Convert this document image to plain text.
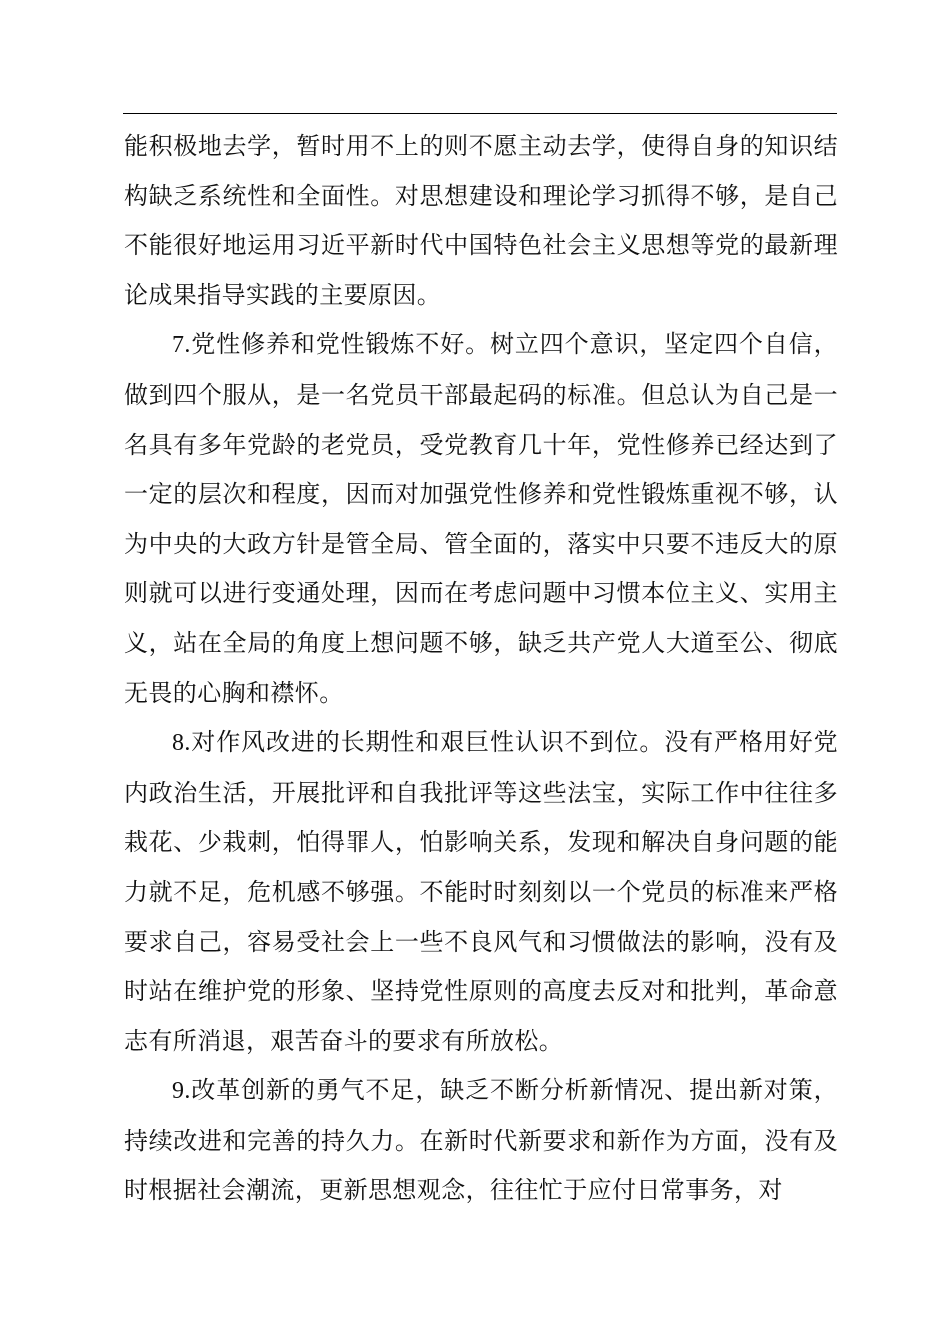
能积极地去学，暂时用不上的则不愿主动去学，使得自身的知识结构缺乏系统性和全面性。对思想建设和理论学习抓得不够，是自己不能很好地运用习近平新时代中国特色社会主义思想等党的最新理论成果指导实践的主要原因。

7.党性修养和党性锻炼不好。树立四个意识，坚定四个自信，做到四个服从，是一名党员干部最起码的标准。但总认为自己是一名具有多年党龄的老党员，受党教育几十年，党性修养已经达到了一定的层次和程度，因而对加强党性修养和党性锻炼重视不够，认为中央的大政方针是管全局、管全面的，落实中只要不违反大的原则就可以进行变通处理，因而在考虑问题中习惯本位主义、实用主义，站在全局的角度上想问题不够，缺乏共产党人大道至公、彻底无畏的心胸和襟怀。

8.对作风改进的长期性和艰巨性认识不到位。没有严格用好党内政治生活，开展批评和自我批评等这些法宝，实际工作中往往多栽花、少栽刺，怕得罪人，怕影响关系，发现和解决自身问题的能力就不足，危机感不够强。不能时时刻刻以一个党员的标准来严格要求自己，容易受社会上一些不良风气和习惯做法的影响，没有及时站在维护党的形象、坚持党性原则的高度去反对和批判，革命意志有所消退，艰苦奋斗的要求有所放松。

9.改革创新的勇气不足，缺乏不断分析新情况、提出新对策，持续改进和完善的持久力。在新时代新要求和新作为方面，没有及时根据社会潮流，更新思想观念，往往忙于应付日常事务，对
